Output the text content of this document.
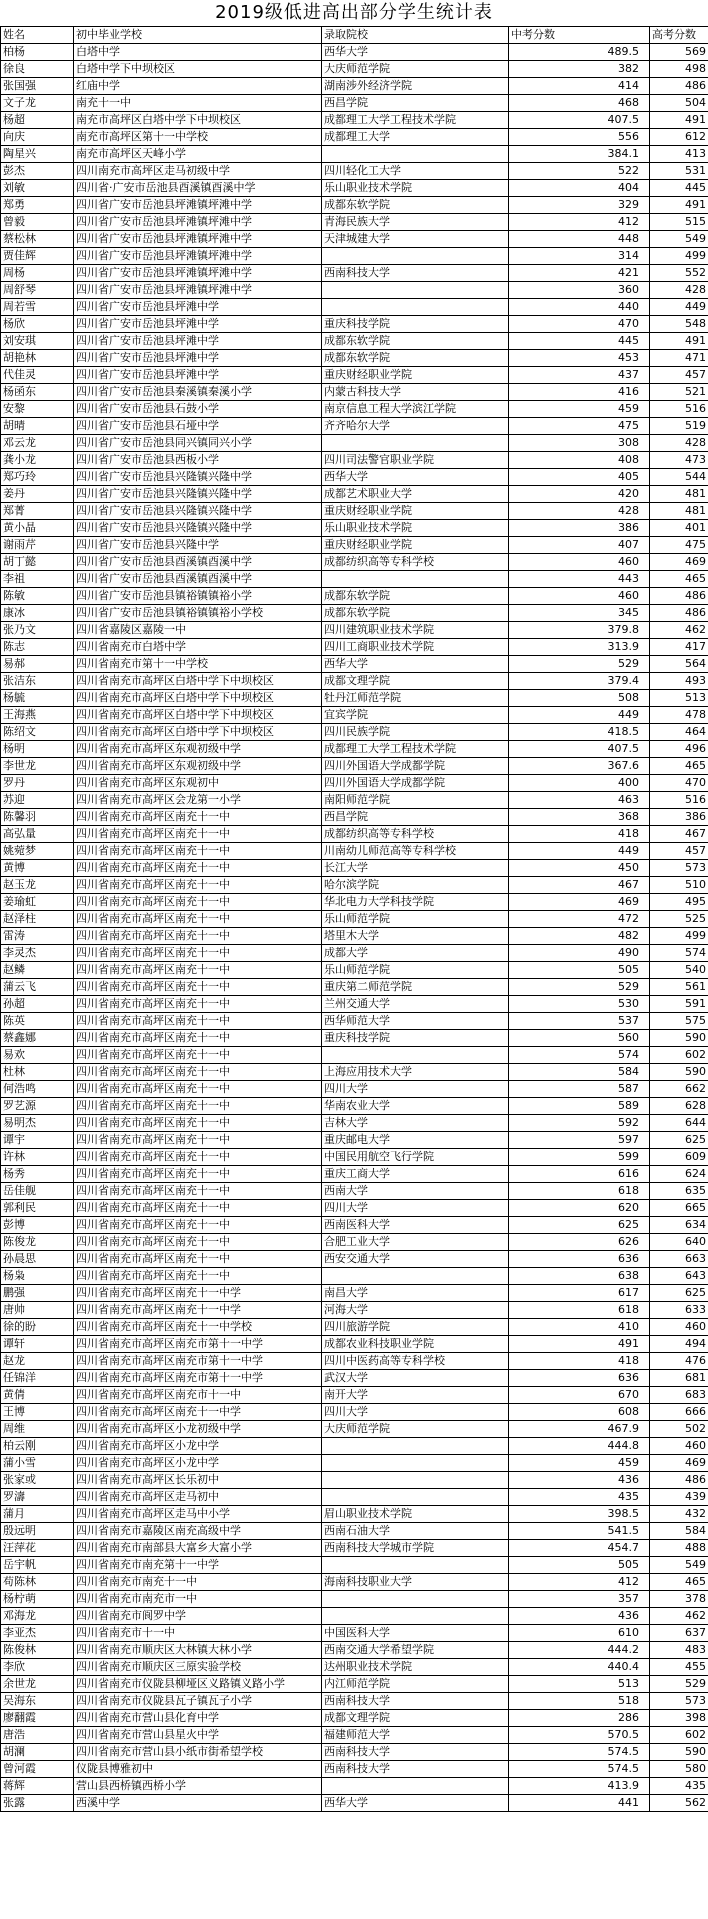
2019级低进高出部分学生统计表
姓名	初中毕业学校	录取院校	中考分数	高考分数
柏杨	白塔中学	西华大学	489.5	569
徐良	白塔中学下中坝校区	大庆师范学院	382	498
张国强	红庙中学	湖南涉外经济学院	414	486
文子龙	南充十一中	西昌学院	468	504
杨超	南充市高坪区白塔中学下中坝校区	成都理工大学工程技术学院	407.5	491
向庆	南充市高坪区第十一中学校	成都理工大学	556	612
陶星兴	南充市高坪区天峰小学		384.1	413
彭杰	四川南充市高坪区走马初级中学	四川轻化工大学	522	531
刘敏	四川省·广安市岳池县酉溪镇酉溪中学	乐山职业技术学院	404	445
郑勇	四川省广安市岳池县坪滩镇坪滩中学	成都东软学院	329	491
曾毅	四川省广安市岳池县坪滩镇坪滩中学	青海民族大学	412	515
蔡松林	四川省广安市岳池县坪滩镇坪滩中学	天津城建大学	448	549
贾佳辉	四川省广安市岳池县坪滩镇坪滩中学		314	499
周杨	四川省广安市岳池县坪滩镇坪滩中学	西南科技大学	421	552
周舒琴	四川省广安市岳池县坪滩镇坪滩中学		360	428
周若雪	四川省广安市岳池县坪滩中学		440	449
杨欣	四川省广安市岳池县坪滩中学	重庆科技学院	470	548
刘安琪	四川省广安市岳池县坪滩中学	成都东软学院	445	491
胡艳林	四川省广安市岳池县坪滩中学	成都东软学院	453	471
代佳灵	四川省广安市岳池县坪滩中学	重庆财经职业学院	437	457
杨函东	四川省广安市岳池县秦溪镇秦溪小学	内蒙古科技大学	416	521
安黎	四川省广安市岳池县石鼓小学	南京信息工程大学滨江学院	459	516
胡晴	四川省广安市岳池县石垭中学	齐齐哈尔大学	475	519
邓云龙	四川省广安市岳池县同兴镇同兴小学		308	428
龚小龙	四川省广安市岳池县西板小学	四川司法警官职业学院	408	473
郑巧玲	四川省广安市岳池县兴隆镇兴隆中学	西华大学	405	544
姜丹	四川省广安市岳池县兴隆镇兴隆中学	成都艺术职业大学	420	481
郑菁	四川省广安市岳池县兴隆镇兴隆中学	重庆财经职业学院	428	481
黄小晶	四川省广安市岳池县兴隆镇兴隆中学	乐山职业技术学院	386	401
谢雨芹	四川省广安市岳池县兴隆中学	重庆财经职业学院	407	475
胡丁懿	四川省广安市岳池县酉溪镇酉溪中学	成都纺织高等专科学校	460	469
李祖	四川省广安市岳池县酉溪镇酉溪中学		443	465
陈敏	四川省广安市岳池县镇裕镇镇裕小学	成都东软学院	460	486
康冰	四川省广安市岳池县镇裕镇镇裕小学校	成都东软学院	345	486
张乃文	四川省嘉陵区嘉陵一中	四川建筑职业技术学院	379.8	462
陈志	四川省南充市白塔中学	四川工商职业技术学院	313.9	417
易郝	四川省南充市第十一中学校	西华大学	529	564
张洁东	四川省南充市高坪区白塔中学下中坝校区	成都文理学院	379.4	493
杨毓	四川省南充市高坪区白塔中学下中坝校区	牡丹江师范学院	508	513
王海燕	四川省南充市高坪区白塔中学下中坝校区	宜宾学院	449	478
陈绍文	四川省南充市高坪区白塔中学下中坝校区	四川民族学院	418.5	464
杨明	四川省南充市高坪区东观初级中学	成都理工大学工程技术学院	407.5	496
李世龙	四川省南充市高坪区东观初级中学	四川外国语大学成都学院	367.6	465
罗丹	四川省南充市高坪区东观初中	四川外国语大学成都学院	400	470
苏迎	四川省南充市高坪区会龙第一小学	南阳师范学院	463	516
陈馨羽	四川省南充市高坪区南充十一中	西昌学院	368	386
高弘量	四川省南充市高坪区南充十一中	成都纺织高等专科学校	418	467
姚菀梦	四川省南充市高坪区南充十一中	川南幼儿师范高等专科学校	449	457
黄博	四川省南充市高坪区南充十一中	长江大学	450	573
赵玉龙	四川省南充市高坪区南充十一中	哈尔滨学院	467	510
姜瑜虹	四川省南充市高坪区南充十一中	华北电力大学科技学院	469	495
赵泽柱	四川省南充市高坪区南充十一中	乐山师范学院	472	525
雷涛	四川省南充市高坪区南充十一中	塔里木大学	482	499
李灵杰	四川省南充市高坪区南充十一中	成都大学	490	574
赵鳞	四川省南充市高坪区南充十一中	乐山师范学院	505	540
蒲云飞	四川省南充市高坪区南充十一中	重庆第二师范学院	529	561
孙超	四川省南充市高坪区南充十一中	兰州交通大学	530	591
陈英	四川省南充市高坪区南充十一中	西华师范大学	537	575
蔡鑫娜	四川省南充市高坪区南充十一中	重庆科技学院	560	590
易欢	四川省南充市高坪区南充十一中		574	602
杜林	四川省南充市高坪区南充十一中	上海应用技术大学	584	590
何浩鸣	四川省南充市高坪区南充十一中	四川大学	587	662
罗艺源	四川省南充市高坪区南充十一中	华南农业大学	589	628
易明杰	四川省南充市高坪区南充十一中	吉林大学	592	644
谭宇	四川省南充市高坪区南充十一中	重庆邮电大学	597	625
许林	四川省南充市高坪区南充十一中	中国民用航空飞行学院	599	609
杨秀	四川省南充市高坪区南充十一中	重庆工商大学	616	624
岳佳舰	四川省南充市高坪区南充十一中	西南大学	618	635
郭利民	四川省南充市高坪区南充十一中	四川大学	620	665
彭博	四川省南充市高坪区南充十一中	西南医科大学	625	634
陈俊龙	四川省南充市高坪区南充十一中	合肥工业大学	626	640
孙晨思	四川省南充市高坪区南充十一中	西安交通大学	636	663
杨枭	四川省南充市高坪区南充十一中		638	643
鹏强	四川省南充市高坪区南充十一中学	南昌大学	617	625
唐帅	四川省南充市高坪区南充十一中学	河海大学	618	633
徐的盼	四川省南充市高坪区南充十一中学校	四川旅游学院	410	460
谭轩	四川省南充市高坪区南充市第十一中学	成都农业科技职业学院	491	494
赵龙	四川省南充市高坪区南充市第十一中学	四川中医药高等专科学校	418	476
任锦洋	四川省南充市高坪区南充市第十一中学	武汉大学	636	681
黄倩	四川省南充市高坪区南充市十一中	南开大学	670	683
王博	四川省南充市高坪区南充十一中学	四川大学	608	666
周维	四川省南充市高坪区小龙初级中学	大庆师范学院	467.9	502
柏云刚	四川省南充市高坪区小龙中学		444.8	460
蒲小雪	四川省南充市高坪区小龙中学		459	469
张家或	四川省南充市高坪区长乐初中		436	486
罗濤	四川省南充市高坪区走马初中		435	439
蒲月	四川省南充市高坪区走马中小学	眉山职业技术学院	398.5	432
殷远明	四川省南充市嘉陵区南充高级中学	西南石油大学	541.5	584
汪萍花	四川省南充市南部县大富乡大富小学	西南科技大学城市学院	454.7	488
岳宇帆	四川省南充市南充第十一中学		505	549
苟陈林	四川省南充市南充十一中	海南科技职业大学	412	465
杨柠萌	四川省南充市南充市一中		357	378
邓海龙	四川省南充市阆罗中学		436	462
李亚杰	四川省南充市十一中	中国医科大学	610	637
陈俊林	四川省南充市顺庆区大林镇大林小学	西南交通大学希望学院	444.2	483
李欣	四川省南充市顺庆区三原实验学校	达州职业技术学院	440.4	455
余世龙	四川省南充市仪陇县柳垭区义路镇义路小学	内江师范学院	513	529
吴海东	四川省南充市仪陇县瓦子镇瓦子小学	西南科技大学	518	573
廖翻霞	四川省南充市营山县化育中学	成都文理学院	286	398
唐浩	四川省南充市营山县星火中学	福建师范大学	570.5	602
胡澜	四川省南充市营山县小纸市街希望学校	西南科技大学	574.5	590
曾河霞	仪陇县博雅初中	西南科技大学	574.5	580
蒋辉	营山县西桥镇西桥小学		413.9	435
张露	西溪中学	西华大学	441	562
